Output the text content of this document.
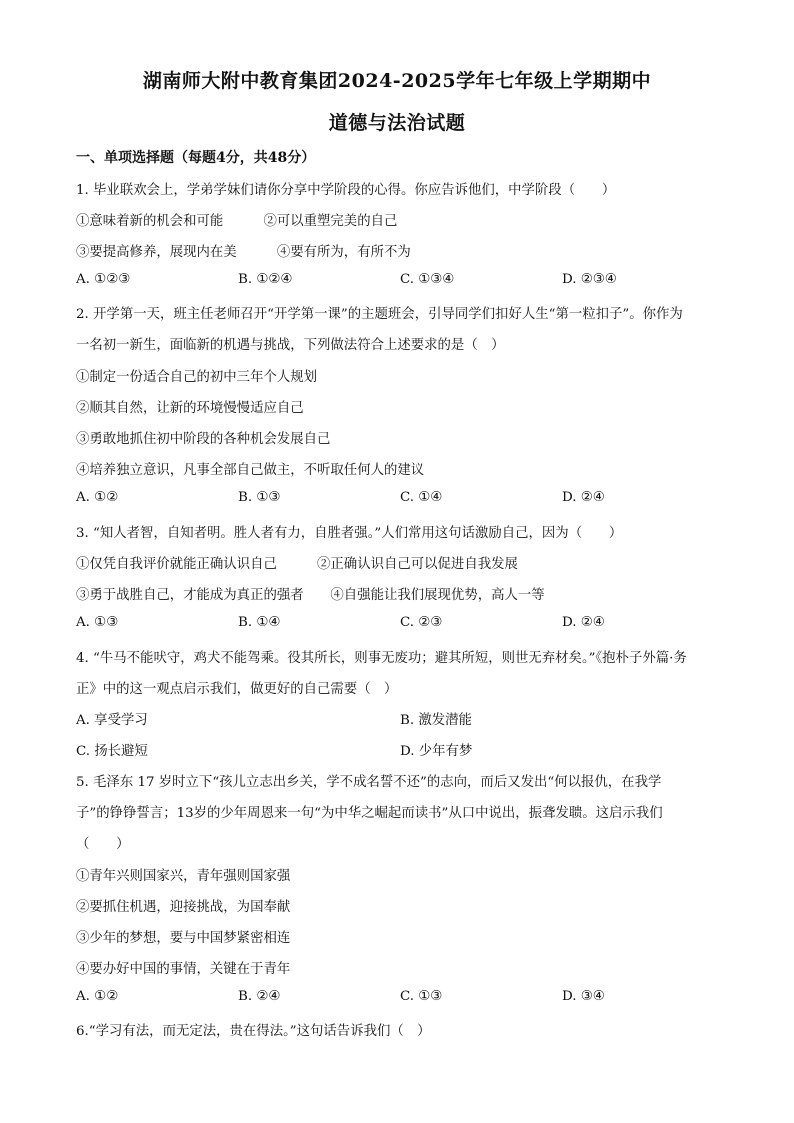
湖南师大附中教育集团2024-2025学年七年级上学期期中
道德与法治试题
一、单项选择题（每题4分，共48分）
1. 毕业联欢会上，学弟学妹们请你分享中学阶段的心得。你应告诉他们，中学阶段（　　）
①意味着新的机会和可能　　　②可以重塑完美的自己
③要提高修养，展现内在美　　　④要有所为，有所不为
A. ①②③	B. ①②④	C. ①③④	D. ②③④
2. 开学第一天，班主任老师召开“开学第一课”的主题班会，引导同学们扣好人生“第一粒扣子”。你作为
一名初一新生，面临新的机遇与挑战，下列做法符合上述要求的是（　）
①制定一份适合自己的初中三年个人规划
②顺其自然，让新的环境慢慢适应自己
③勇敢地抓住初中阶段的各种机会发展自己
④培养独立意识，凡事全部自己做主，不听取任何人的建议
A. ①②	B. ①③	C. ①④	D. ②④
3. “知人者智，自知者明。胜人者有力，自胜者强。”人们常用这句话激励自己，因为（　　）
①仅凭自我评价就能正确认识自己　　　②正确认识自己可以促进自我发展
③勇于战胜自己，才能成为真正的强者　　④自强能让我们展现优势，高人一等
A. ①③	B. ①④	C. ②③	D. ②④
4. “牛马不能吠守，鸡犬不能驾乘。役其所长，则事无废功；避其所短，则世无弃材矣。”《抱朴子外篇·务
正》中的这一观点启示我们，做更好的自己需要（　）
A. 享受学习	B. 激发潜能
C. 扬长避短	D. 少年有梦
5. 毛泽东 17 岁时立下“孩儿立志出乡关，学不成名誓不还”的志向，而后又发出“何以报仇，在我学
子”的铮铮誓言；13岁的少年周恩来一句“为中华之崛起而读书”从口中说出，振聋发聩。这启示我们
（　　）
①青年兴则国家兴，青年强则国家强
②要抓住机遇，迎接挑战，为国奉献
③少年的梦想，要与中国梦紧密相连
④要办好中国的事情，关键在于青年
A. ①②	B. ②④	C. ①③	D. ③④
6.“学习有法，而无定法，贵在得法。”这句话告诉我们（　）
